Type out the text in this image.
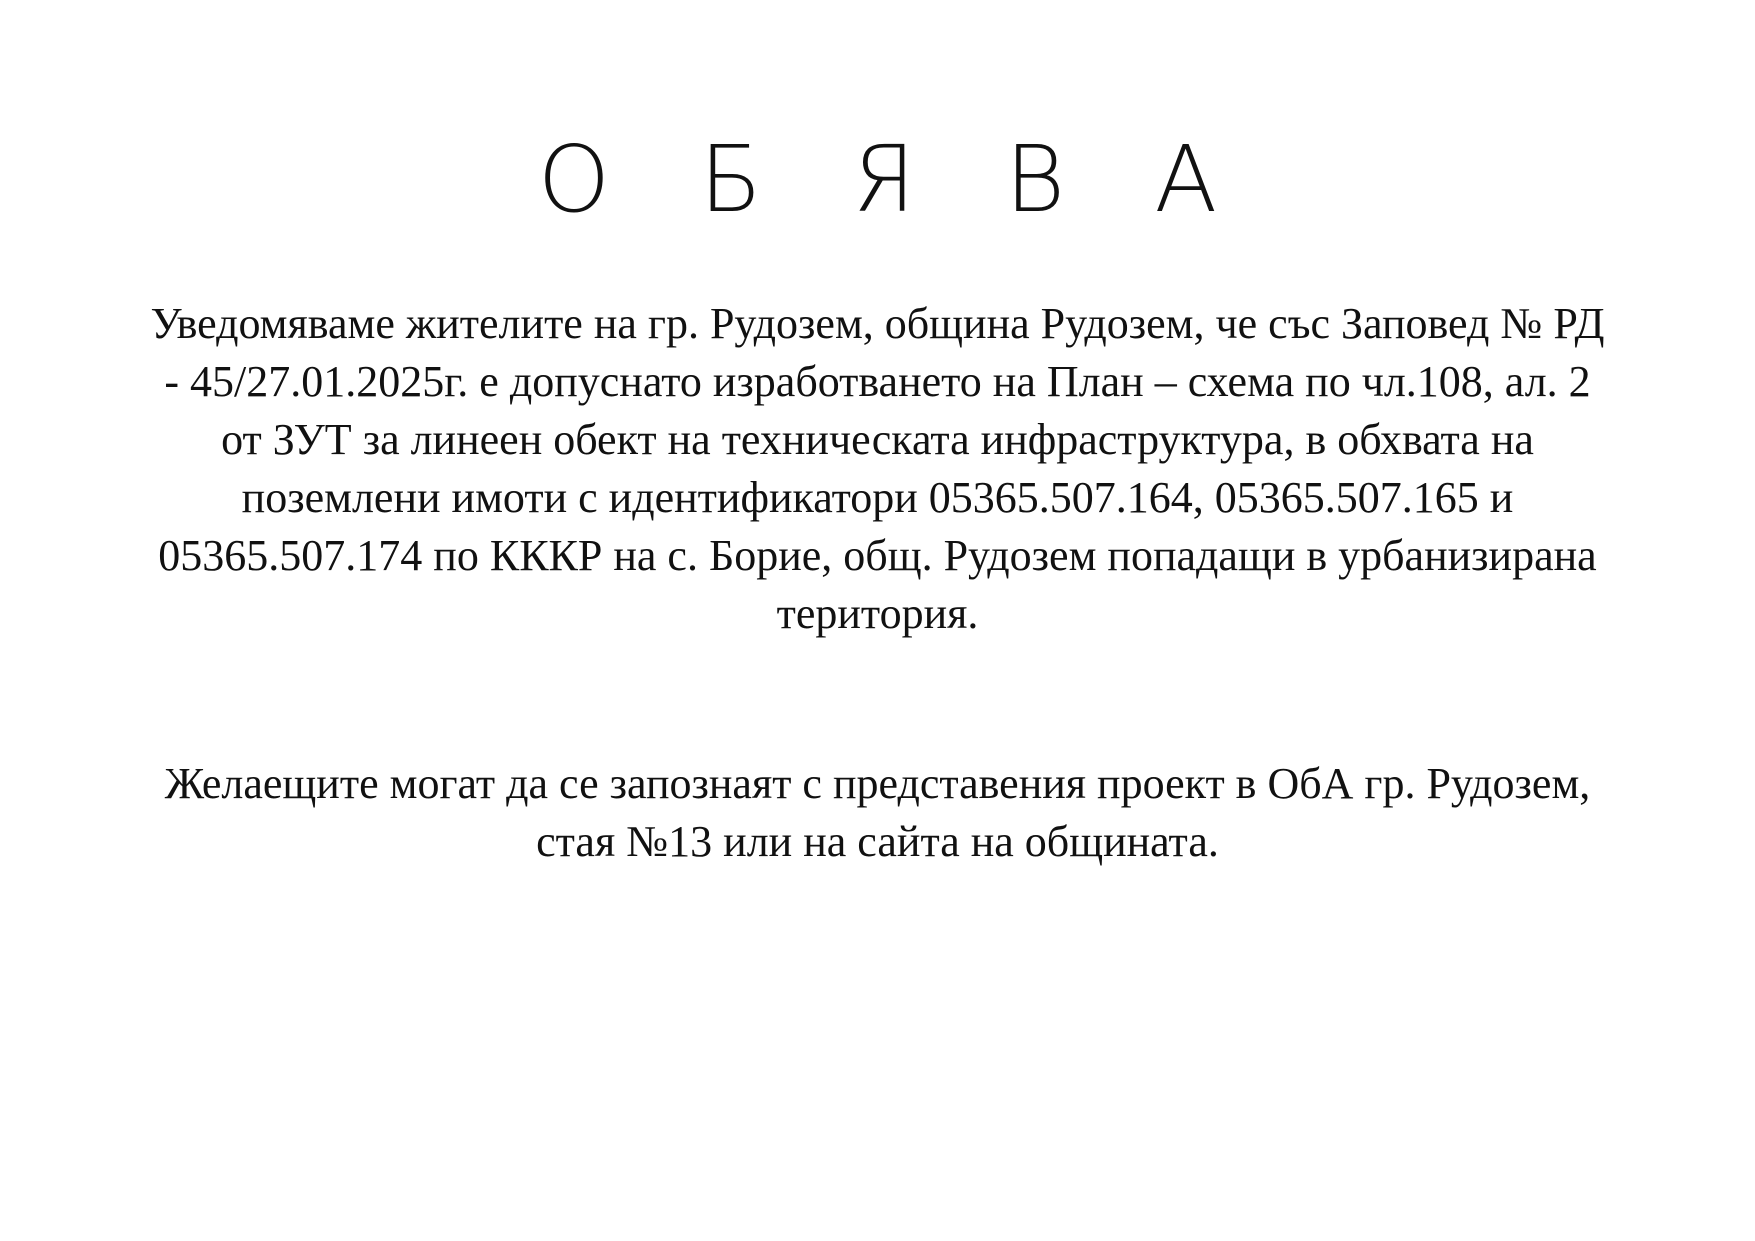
О Б Я В А
Уведомяваме жителите на гр. Рудозем, община Рудозем, че със Заповед № РД - 45/27.01.2025г. е допуснато изработването на План – схема по чл.108, ал. 2 от ЗУТ за линеен обект на техническата инфраструктура, в обхвата на поземлени имоти с идентификатори 05365.507.164, 05365.507.165 и 05365.507.174 по КККР на с. Борие, общ. Рудозем попадащи в урбанизирана територия.
Желаещите могат да се запознаят с представения проект в ОбА гр. Рудозем, стая №13 или на сайта на общината.
